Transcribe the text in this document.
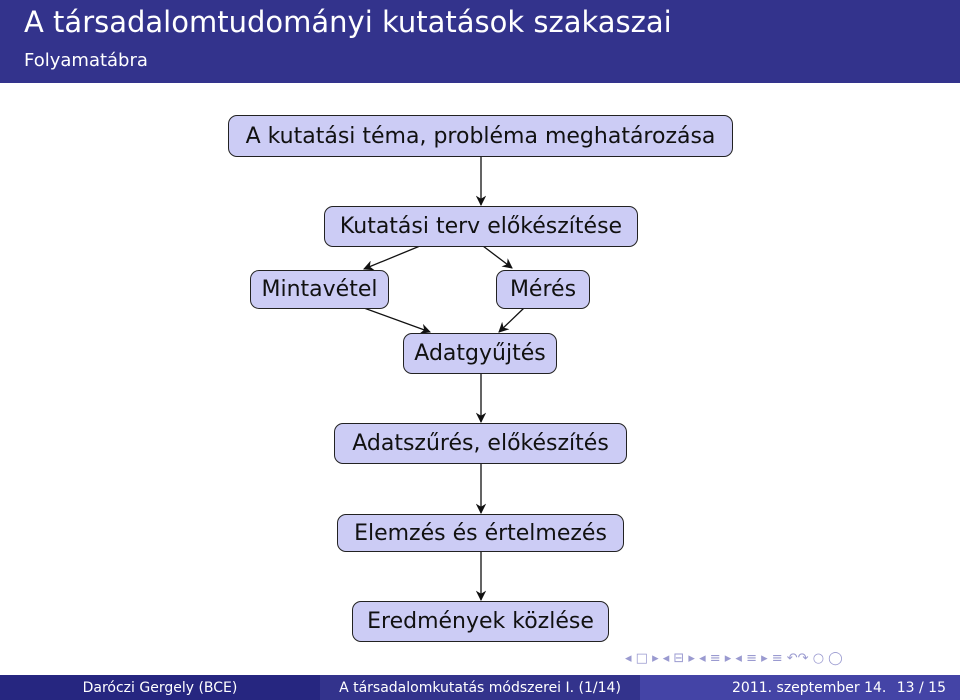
A társadalomtudományi kutatások szakaszai
Folyamatábra
A kutatási téma, probléma meghatározása
Kutatási terv előkészítése
Mintavétel	Mérés
Adatgyűjtés
Adatszűrés, előkészítés
Elemzés és értelmezés
Eredmények közlése
◂ □ ▸ ◂ ⊟ ▸ ◂ ≡ ▸ ◂ ≡ ▸ ≡ ↶↷ ○ ◯
Daróczi Gergely (BCE)	A társadalomkutatás módszerei I. (1/14)	2011. szeptember 14. 13 / 15
